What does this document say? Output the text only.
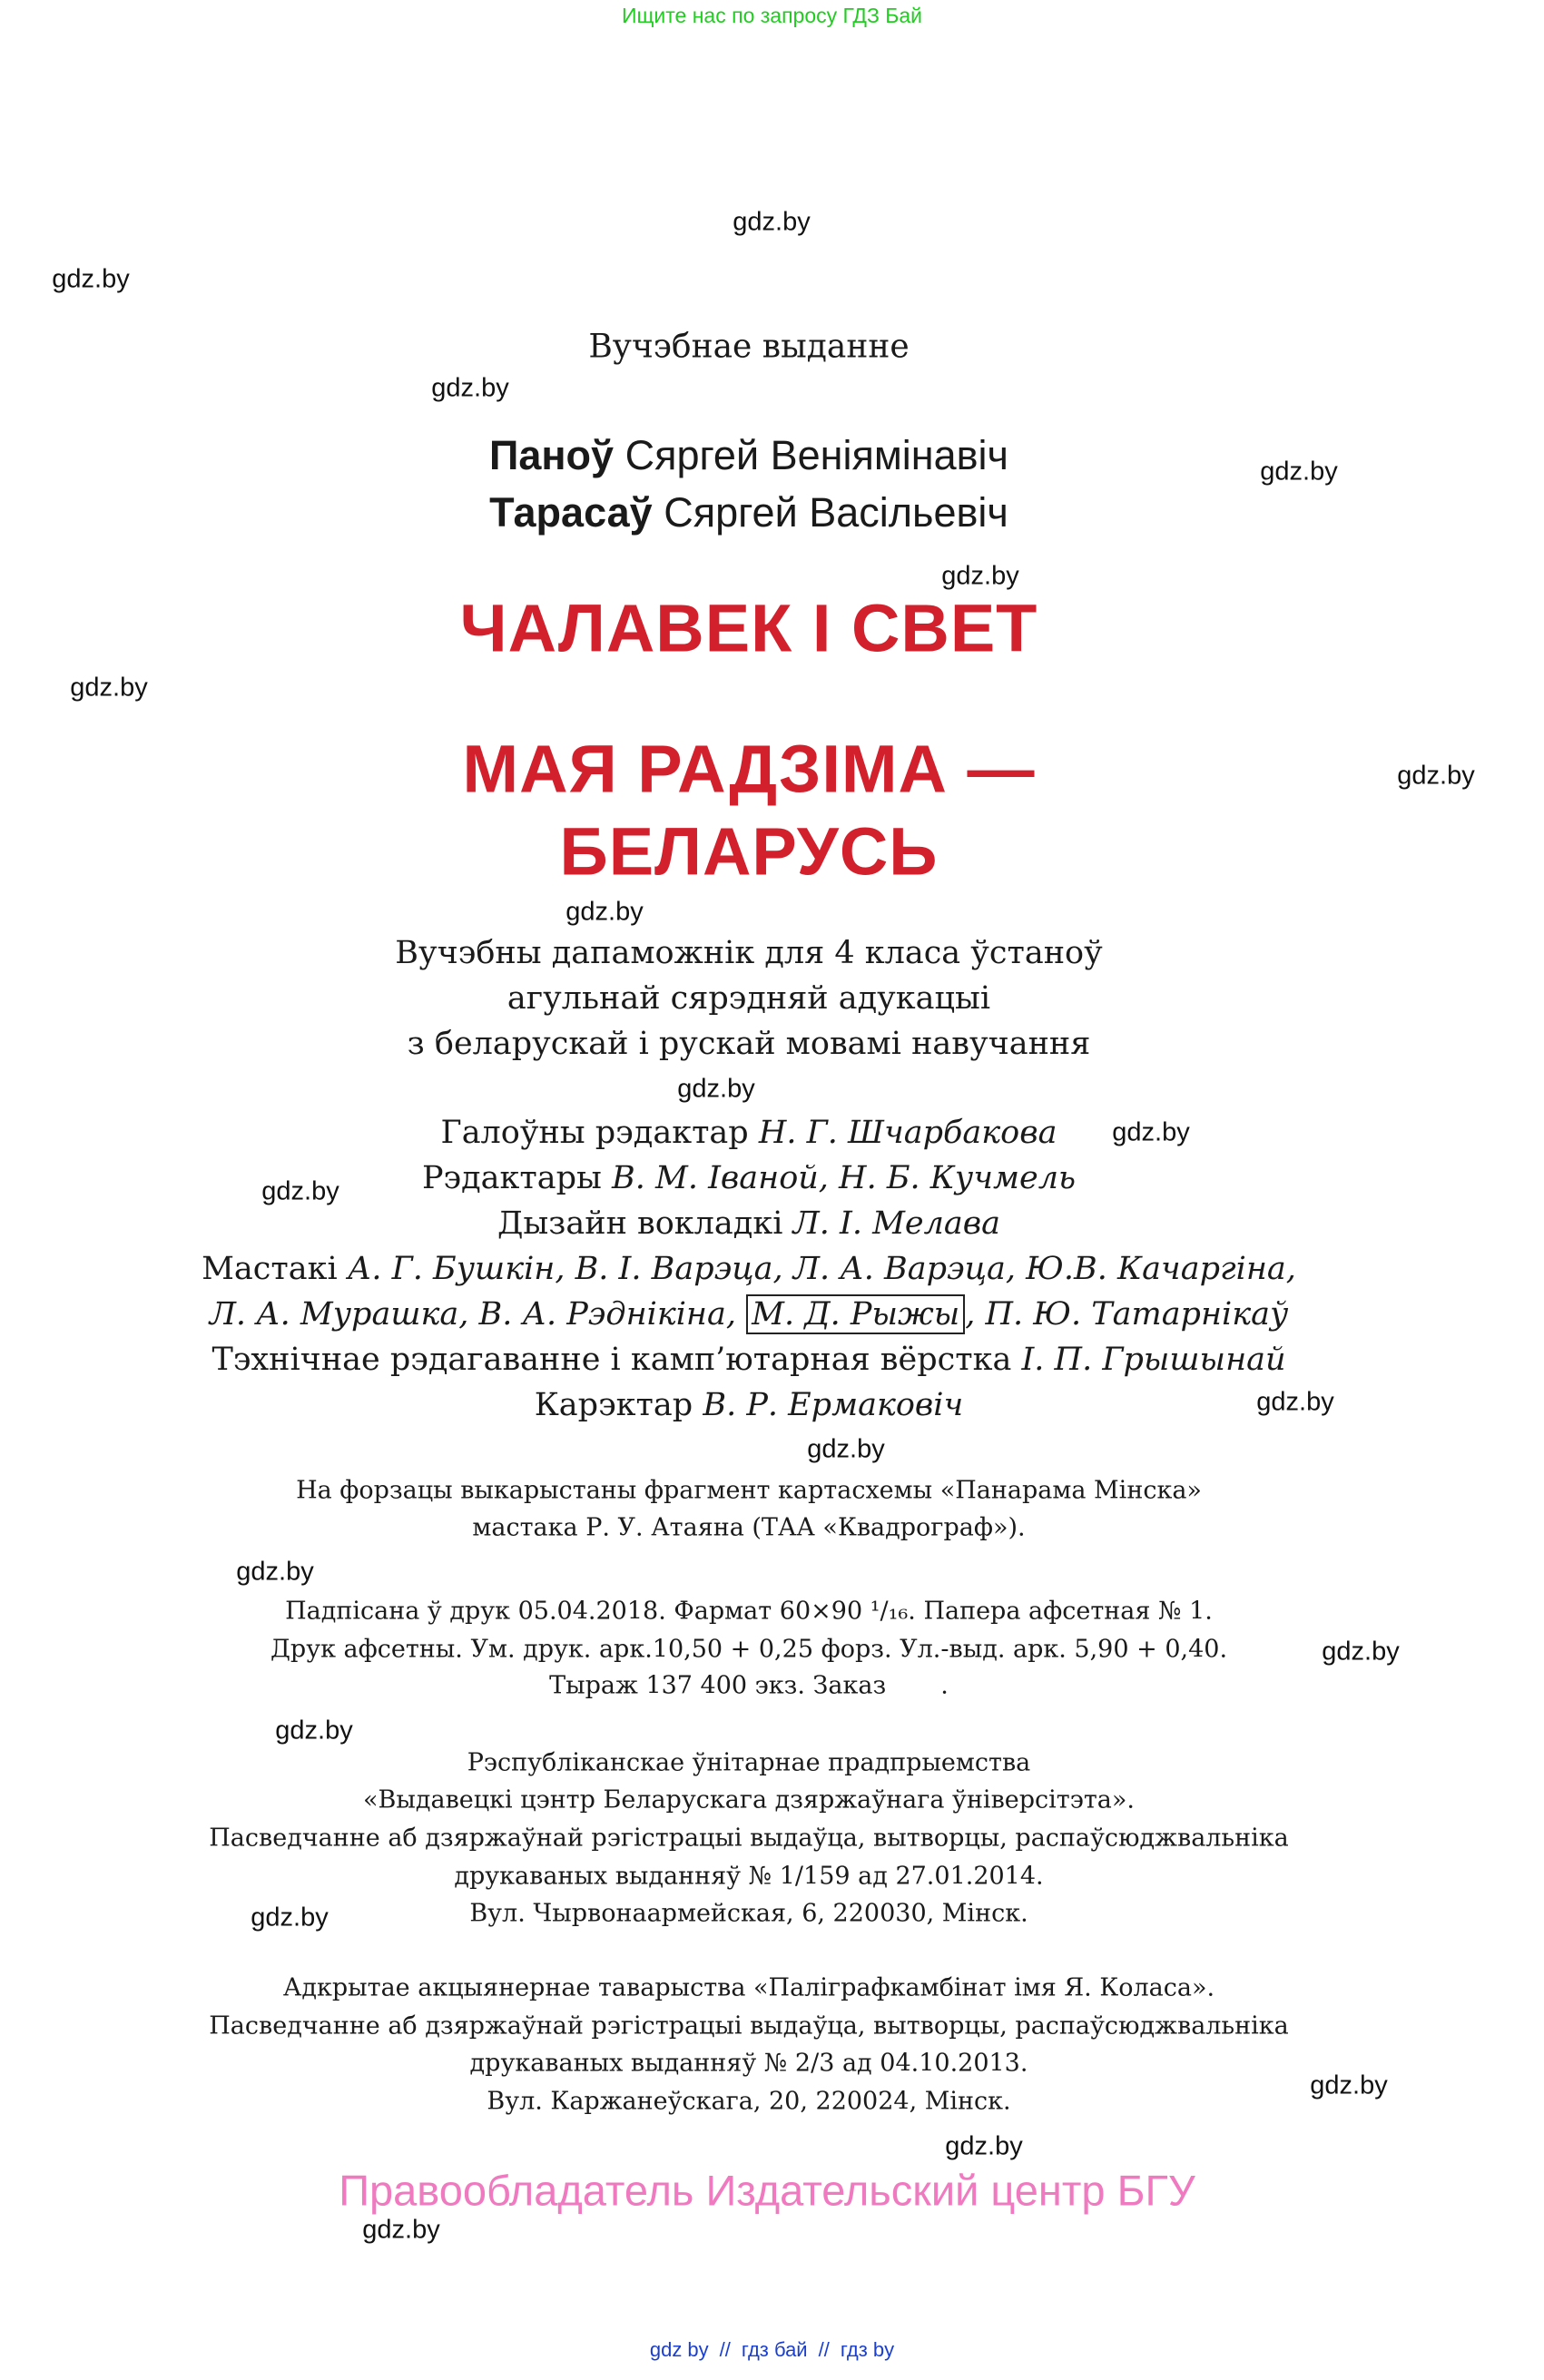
Ищите нас по запросу ГДЗ Бай
gdz.by
gdz.by
gdz.by
gdz.by
gdz.by
gdz.by
gdz.by
gdz.by
gdz.by
gdz.by
gdz.by
gdz.by
gdz.by
gdz.by
gdz.by
gdz.by
gdz.by
gdz.by
gdz.by
gdz.by
Вучэбнае выданне
Паноў Сяргей Веніямінавіч
Тарасаў Сяргей Васільевіч
ЧАЛАВЕК І СВЕТ
МАЯ РАДЗІМА —
БЕЛАРУСЬ
Вучэбны дапаможнік для 4 класа ўстаноў
агульнай сярэдняй адукацыі
з беларускай і рускай мовамі навучання
Галоўны рэдактар Н. Г. Шчарбакова
Рэдактары В. М. Іваной, Н. Б. Кучмель
Дызайн вокладкі Л. І. Мелава
Мастакі А. Г. Бушкін, В. І. Варэца, Л. А. Варэца, Ю.В. Качаргіна,
Л. А. Мурашка, В. А. Рэднікіна, М. Д. Рыжы , П. Ю. Татарнікаў
Тэхнічнае рэдагаванне і камп’ютарная вёрстка І. П. Грышынай
Карэктар В. Р. Ермаковіч
На форзацы выкарыстаны фрагмент картасхемы «Панарама Мінска»
мастака Р. У. Атаяна (ТАА «Квадрограф»).
Падпісана ў друк 05.04.2018. Фармат 60×90 ¹/₁₆. Папера афсетная № 1.
Друк афсетны. Ум. друк. арк.10,50 + 0,25 форз. Ул.-выд. арк. 5,90 + 0,40.
Тыраж 137 400 экз. Заказ       .
Рэспубліканскае ўнітарнае прадпрыемства
«Выдавецкі цэнтр Беларускага дзяржаўнага ўніверсітэта».
Пасведчанне аб дзяржаўнай рэгістрацыі выдаўца, вытворцы, распаўсюджвальніка
друкаваных выданняў № 1/159 ад 27.01.2014.
Вул. Чырвонаармейская, 6, 220030, Мінск.
Адкрытае акцыянернае таварыства «Паліграфкамбінат імя Я. Коласа».
Пасведчанне аб дзяржаўнай рэгістрацыі выдаўца, вытворцы, распаўсюджвальніка
друкаваных выданняў № 2/3 ад 04.10.2013.
Вул. Каржанеўскага, 20, 220024, Мінск.
Правообладатель Издательский центр БГУ
gdz by // гдз бай // гдз by
